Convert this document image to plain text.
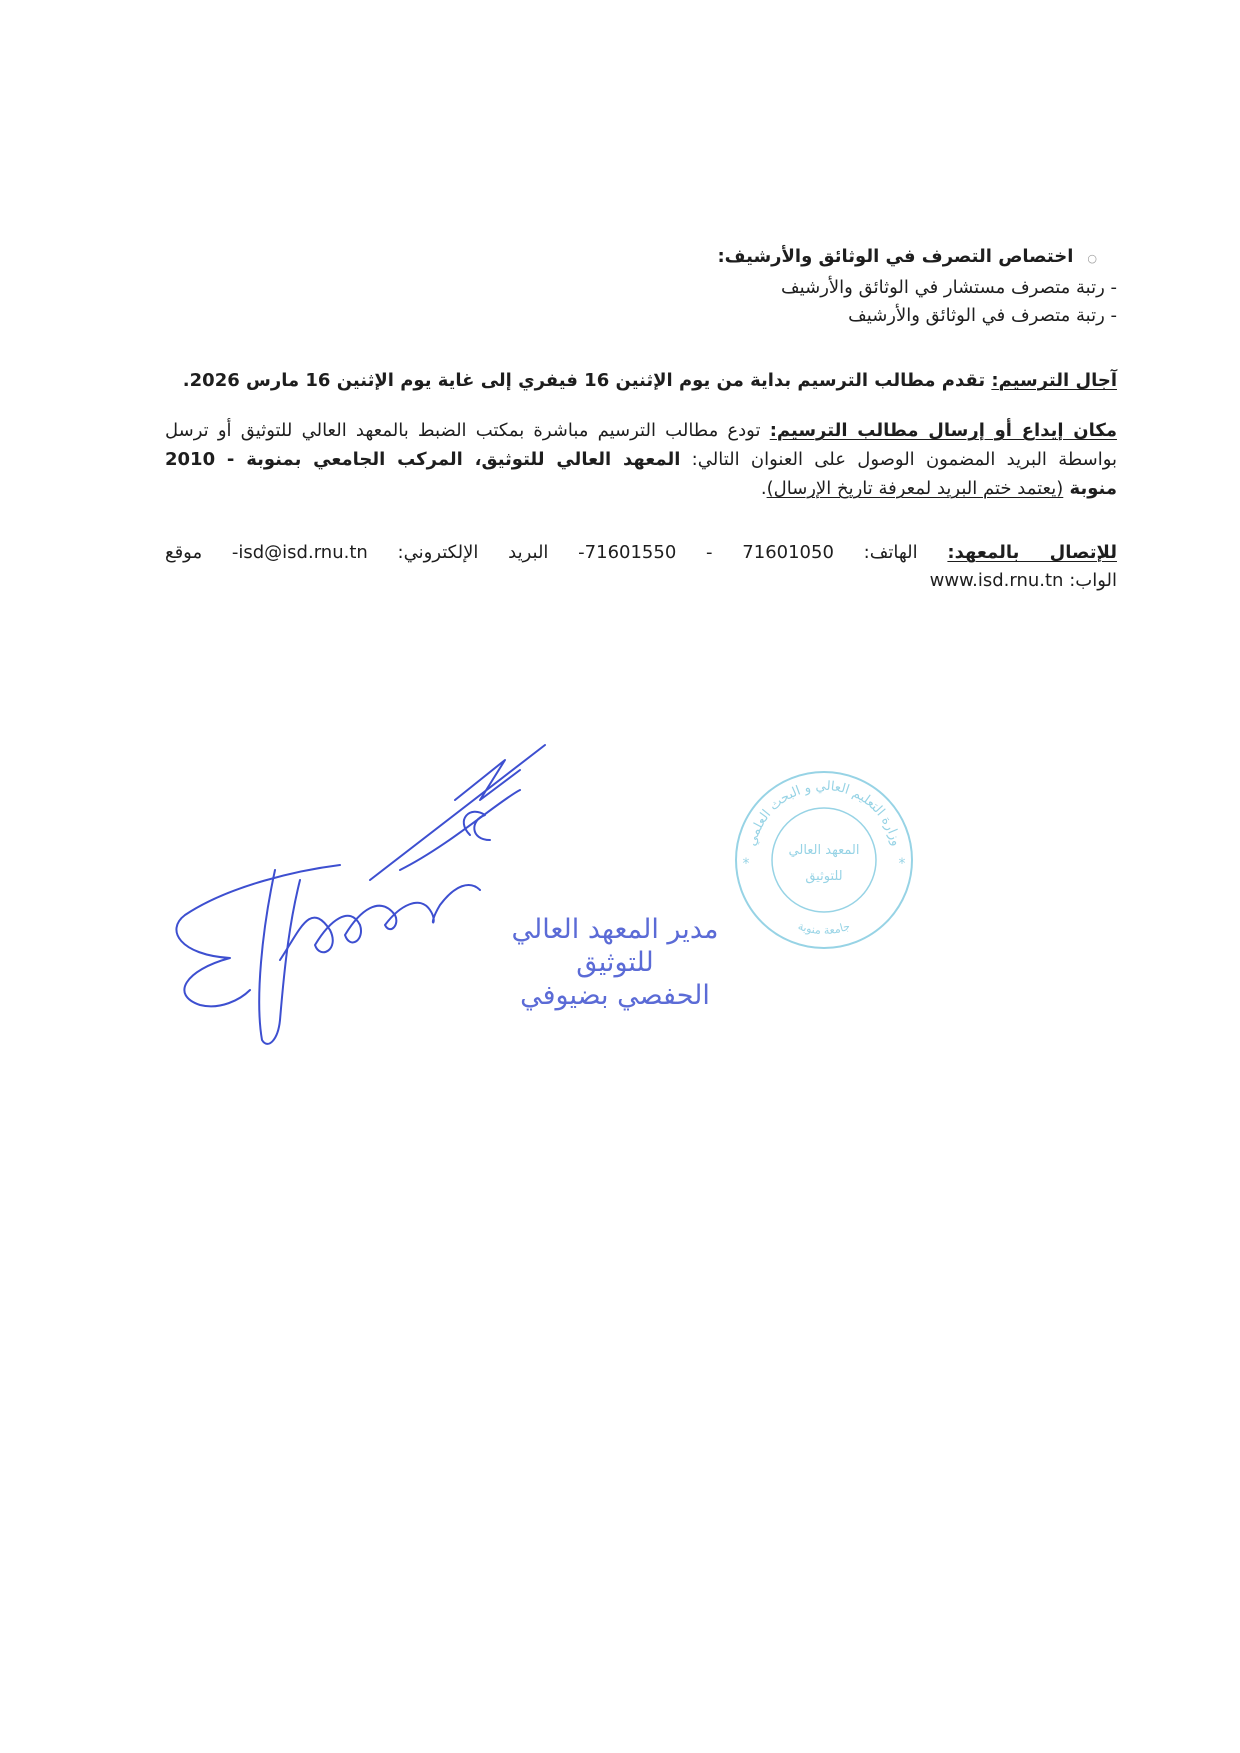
○اختصاص التصرف في الوثائق والأرشيف:
- رتبة متصرف مستشار في الوثائق والأرشيف
- رتبة متصرف في الوثائق والأرشيف
آجال الترسيم: تقدم مطالب الترسيم بداية من يوم الإثنين 16 فيفري إلى غاية يوم الإثنين 16 مارس 2026.
مكان إيداع أو إرسال مطالب الترسيم: تودع مطالب الترسيم مباشرة بمكتب الضبط بالمعهد العالي للتوثيق أو ترسل
بواسطة البريد المضمون الوصول على العنوان التالي: المعهد العالي للتوثيق، المركب الجامعي بمنوبة - 2010
منوبة (يعتمد ختم البريد لمعرفة تاريخ الإرسال).
للإتصال بالمعهد: الهاتف: 71601050 - 71601550- البريد الإلكتروني: isd@isd.rnu.tn- موقع
الواب: www.isd.rnu.tn
مدير المعهد العالي
للتوثيق
الحفصي بضيوفي
وزارة التعليم العالي و البحث العلمي
جامعة منوبة
المعهد العالي
للتوثيق
*	*
